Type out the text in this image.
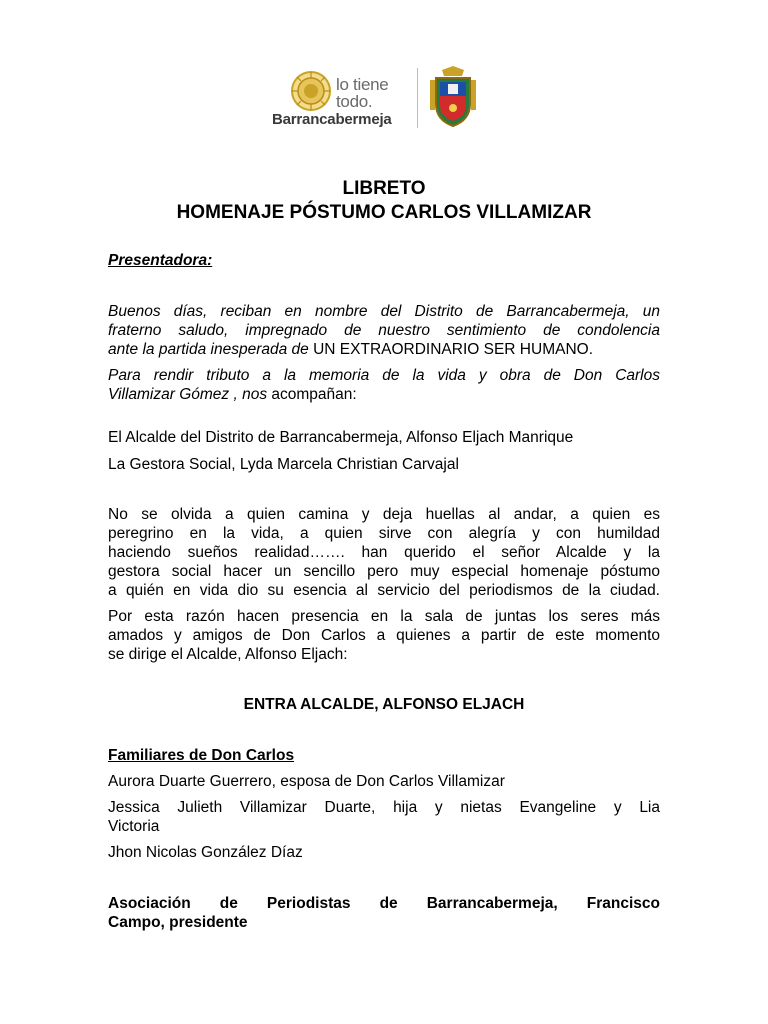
lo tiene
todo.
Barrancabermeja
LIBRETO
HOMENAJE PÓSTUMO CARLOS VILLAMIZAR
Presentadora:
Buenos días, reciban en nombre del Distrito de Barrancabermeja, un
fraterno saludo, impregnado de nuestro sentimiento de condolencia
ante la partida inesperada de UN EXTRAORDINARIO SER HUMANO.
Para rendir tributo a la memoria de la vida y obra de Don Carlos
Villamizar Gómez , nos acompañan:
El Alcalde del Distrito de Barrancabermeja, Alfonso Eljach Manrique
La Gestora Social, Lyda Marcela Christian Carvajal
No se olvida a quien camina y deja huellas al andar, a quien es
peregrino en la vida, a quien sirve con alegría y con humildad
haciendo sueños realidad……. han querido el señor Alcalde y la
gestora social hacer un sencillo pero muy especial homenaje póstumo
a quién en vida dio su esencia al servicio del periodismos de la ciudad.
Por esta razón hacen presencia en la sala de juntas los seres más
amados y amigos de Don Carlos a quienes a partir de este momento
se dirige el Alcalde, Alfonso Eljach:
ENTRA ALCALDE, ALFONSO ELJACH
Familiares de Don Carlos
Aurora Duarte Guerrero, esposa de Don Carlos Villamizar
Jessica Julieth Villamizar Duarte, hija y nietas Evangeline y Lia
Victoria
Jhon Nicolas González Díaz
Asociación de Periodistas de Barrancabermeja, Francisco
Campo, presidente
